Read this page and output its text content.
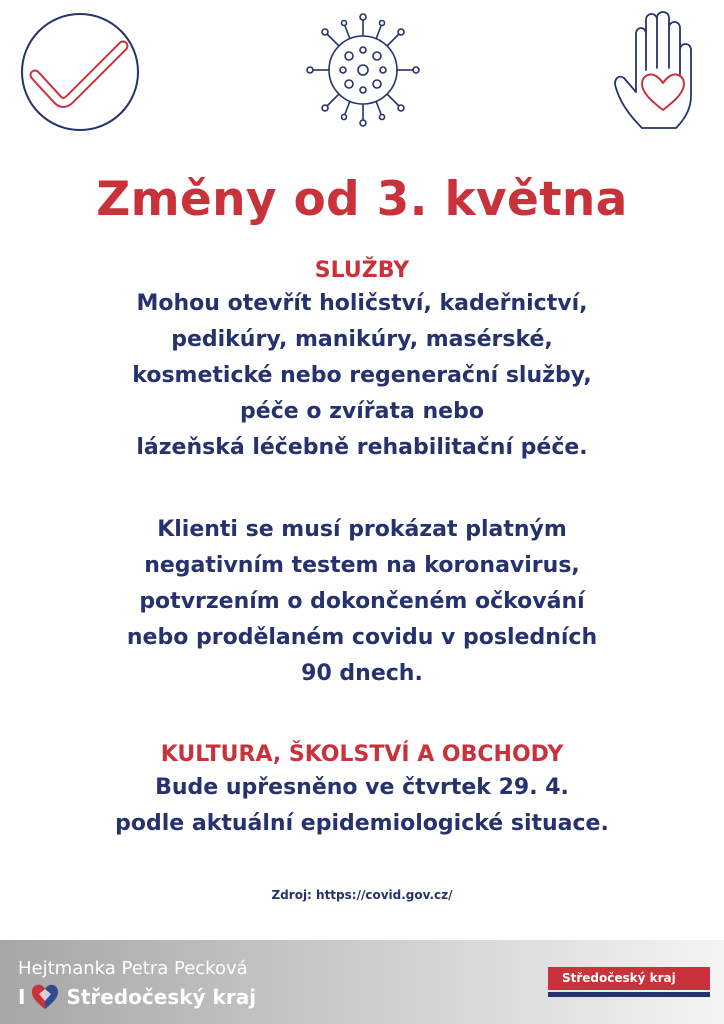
Změny od 3. května
SLUŽBY
Mohou otevřít holičství, kadeřnictví,
pedikúry, manikúry, masérské,
kosmetické nebo regenerační služby,
péče o zvířata nebo
lázeňská léčebně rehabilitační péče.
Klienti se musí prokázat platným
negativním testem na koronavirus,
potvrzením o dokončeném očkování
nebo prodělaném covidu v posledních
90 dnech.
KULTURA, ŠKOLSTVÍ A OBCHODY
Bude upřesněno ve čtvrtek 29. 4.
podle aktuální epidemiologické situace.
Zdroj: https://covid.gov.cz/
Hejtmanka Petra Pecková
I Středočeský kraj
Středočeský kraj
